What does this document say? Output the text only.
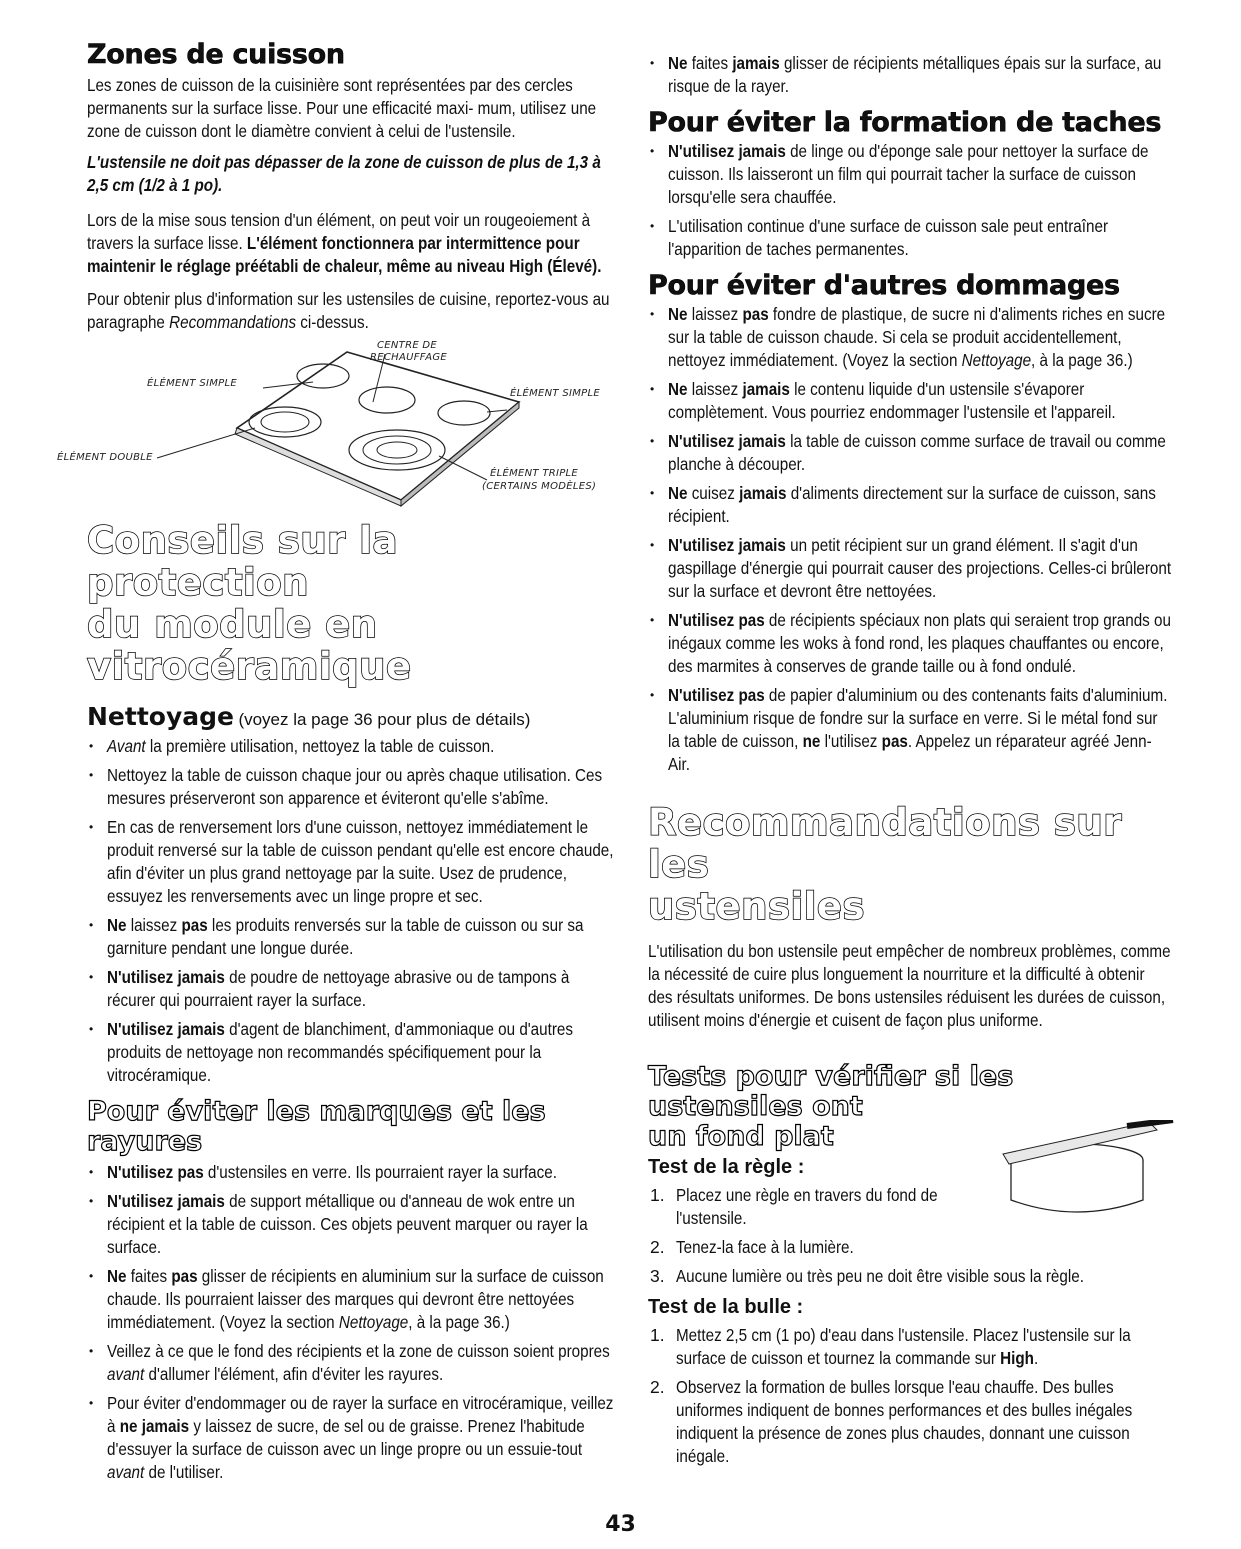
Zones de cuisson

Les zones de cuisson de la cuisinière sont représentées par des cercles permanents sur la surface lisse. Pour une efficacité maxi- mum, utilisez une zone de cuisson dont le diamètre convient à celui de l'ustensile.

L'ustensile ne doit pas dépasser de la zone de cuisson de plus de 1,3 à 2,5 cm (1/2 à 1 po).

Lors de la mise sous tension d'un élément, on peut voir un rougeoiement à travers la surface lisse. L'élément fonctionnera par intermittence pour maintenir le réglage préétabli de chaleur, même au niveau High (Élevé).

Pour obtenir plus d'information sur les ustensiles de cuisine, reportez-vous au paragraphe Recommandations ci-dessus.

CENTRE DE
RECHAUFFAGE
ÉLÉMENT SIMPLE
ÉLÉMENT SIMPLE
ÉLÉMENT DOUBLE
ÉLÉMENT TRIPLE
(CERTAINS MODÈLES)
Conseils sur la protection
du module en vitrocéramique
Nettoyage (voyez la page 36 pour plus de détails)
• Avant la première utilisation, nettoyez la table de cuisson.
• Nettoyez la table de cuisson chaque jour ou après chaque utilisation. Ces mesures préserveront son apparence et éviteront qu'elle s'abîme.
• En cas de renversement lors d'une cuisson, nettoyez immédiatement le produit renversé sur la table de cuisson pendant qu'elle est encore chaude, afin d'éviter un plus grand nettoyage par la suite. Usez de prudence, essuyez les renversements avec un linge propre et sec.
• Ne laissez pas les produits renversés sur la table de cuisson ou sur sa garniture pendant une longue durée.
• N'utilisez jamais de poudre de nettoyage abrasive ou de tampons à récurer qui pourraient rayer la surface.
• N'utilisez jamais d'agent de blanchiment, d'ammoniaque ou d'autres produits de nettoyage non recommandés spécifiquement pour la vitrocéramique.
Pour éviter les marques et les rayures
• N'utilisez pas d'ustensiles en verre. Ils pourraient rayer la surface.
• N'utilisez jamais de support métallique ou d'anneau de wok entre un récipient et la table de cuisson. Ces objets peuvent marquer ou rayer la surface.
• Ne faites pas glisser de récipients en aluminium sur la surface de cuisson chaude. Ils pourraient laisser des marques qui devront être nettoyées immédiatement. (Voyez la section Nettoyage, à la page 36.)
• Veillez à ce que le fond des récipients et la zone de cuisson soient propres avant d'allumer l'élément, afin d'éviter les rayures.
• Pour éviter d'endommager ou de rayer la surface en vitrocéramique, veillez à ne jamais y laissez de sucre, de sel ou de graisse. Prenez l'habitude d'essuyer la surface de cuisson avec un linge propre ou un essuie-tout avant de l'utiliser.
• Ne faites jamais glisser de récipients métalliques épais sur la surface, au risque de la rayer.
Pour éviter la formation de taches
• N'utilisez jamais de linge ou d'éponge sale pour nettoyer la surface de cuisson. Ils laisseront un film qui pourrait tacher la surface de cuisson lorsqu'elle sera chauffée.
• L'utilisation continue d'une surface de cuisson sale peut entraîner l'apparition de taches permanentes.
Pour éviter d'autres dommages
• Ne laissez pas fondre de plastique, de sucre ni d'aliments riches en sucre sur la table de cuisson chaude. Si cela se produit accidentellement, nettoyez immédiatement. (Voyez la section Nettoyage, à la page 36.)
• Ne laissez jamais le contenu liquide d'un ustensile s'évaporer complètement. Vous pourriez endommager l'ustensile et l'appareil.
• N'utilisez jamais la table de cuisson comme surface de travail ou comme planche à découper.
• Ne cuisez jamais d'aliments directement sur la surface de cuisson, sans récipient.
• N'utilisez jamais un petit récipient sur un grand élément. Il s'agit d'un gaspillage d'énergie qui pourrait causer des projections. Celles-ci brûleront sur la surface et devront être nettoyées.
• N'utilisez pas de récipients spéciaux non plats qui seraient trop grands ou inégaux comme les woks à fond rond, les plaques chauffantes ou encore, des marmites à conserves de grande taille ou à fond ondulé.
• N'utilisez pas de papier d'aluminium ou des contenants faits d'aluminium. L'aluminium risque de fondre sur la surface en verre. Si le métal fond sur la table de cuisson, ne l'utilisez pas. Appelez un réparateur agréé Jenn-Air.
Recommandations sur les
ustensiles

L'utilisation du bon ustensile peut empêcher de nombreux problèmes, comme la nécessité de cuire plus longuement la nourriture et la difficulté à obtenir des résultats uniformes. De bons ustensiles réduisent les durées de cuisson, utilisent moins d'énergie et cuisent de façon plus uniforme.

Tests pour vérifier si les ustensiles ont
un fond plat
Test de la règle :
1. Placez une règle en travers du fond de l'ustensile.
2. Tenez-la face à la lumière.
3. Aucune lumière ou très peu ne doit être visible sous la règle.
Test de la bulle :
1. Mettez 2,5 cm (1 po) d'eau dans l'ustensile. Placez l'ustensile sur la surface de cuisson et tournez la commande sur High.
2. Observez la formation de bulles lorsque l'eau chauffe. Des bulles uniformes indiquent de bonnes performances et des bulles inégales indiquent la présence de zones plus chaudes, donnant une cuisson inégale.
43
